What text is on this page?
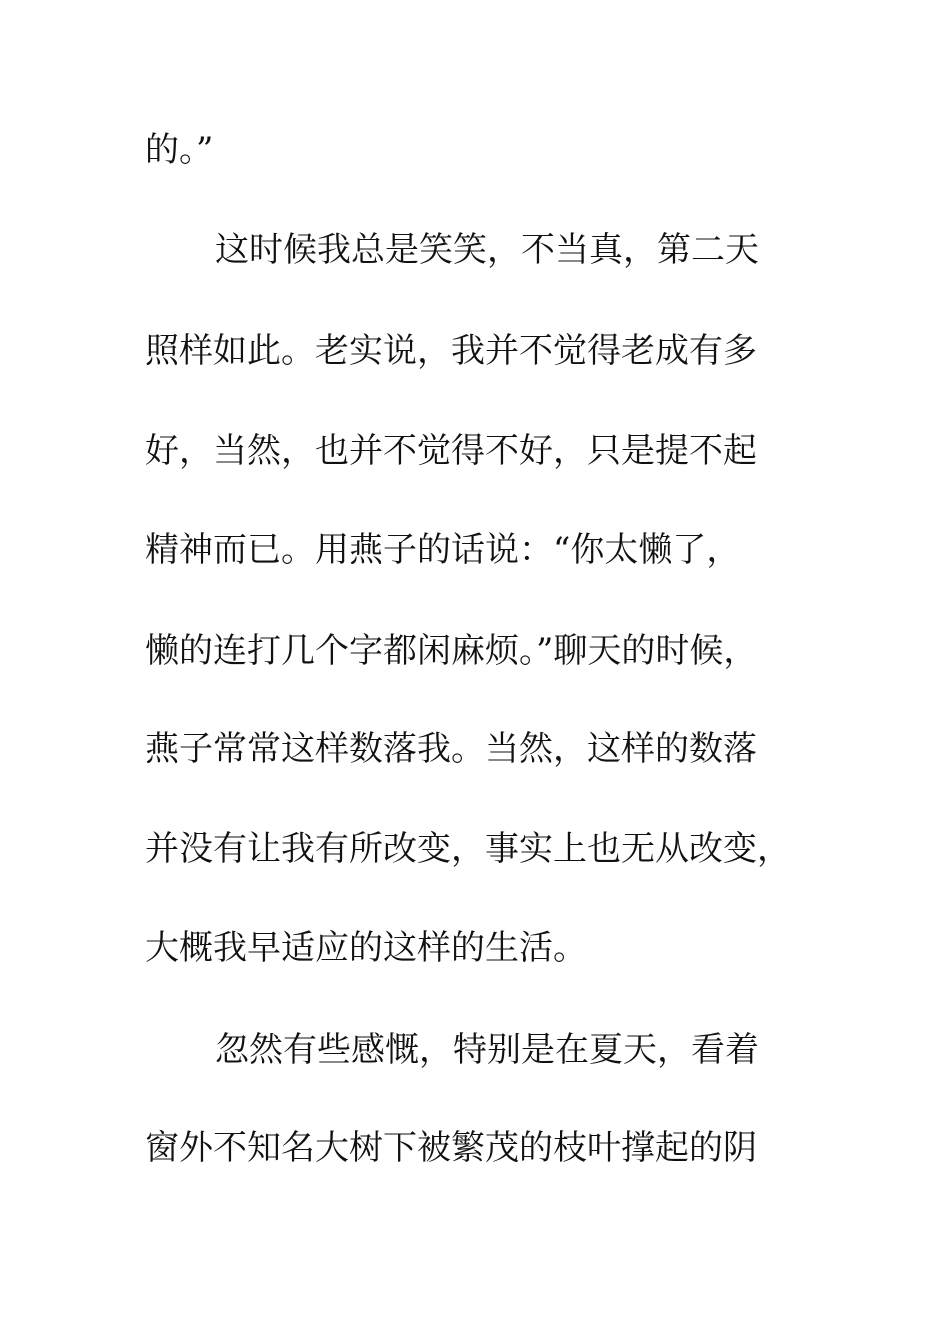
的。”
这时候我总是笑笑，不当真，第二天
照样如此。老实说，我并不觉得老成有多
好，当然，也并不觉得不好，只是提不起
精神而已。用燕子的话说：“你太懒了，
懒的连打几个字都闲麻烦。”聊天的时候，
燕子常常这样数落我。当然，这样的数落
并没有让我有所改变，事实上也无从改变，
大概我早适应的这样的生活。
忽然有些感慨，特别是在夏天，看着
窗外不知名大树下被繁茂的枝叶撑起的阴
